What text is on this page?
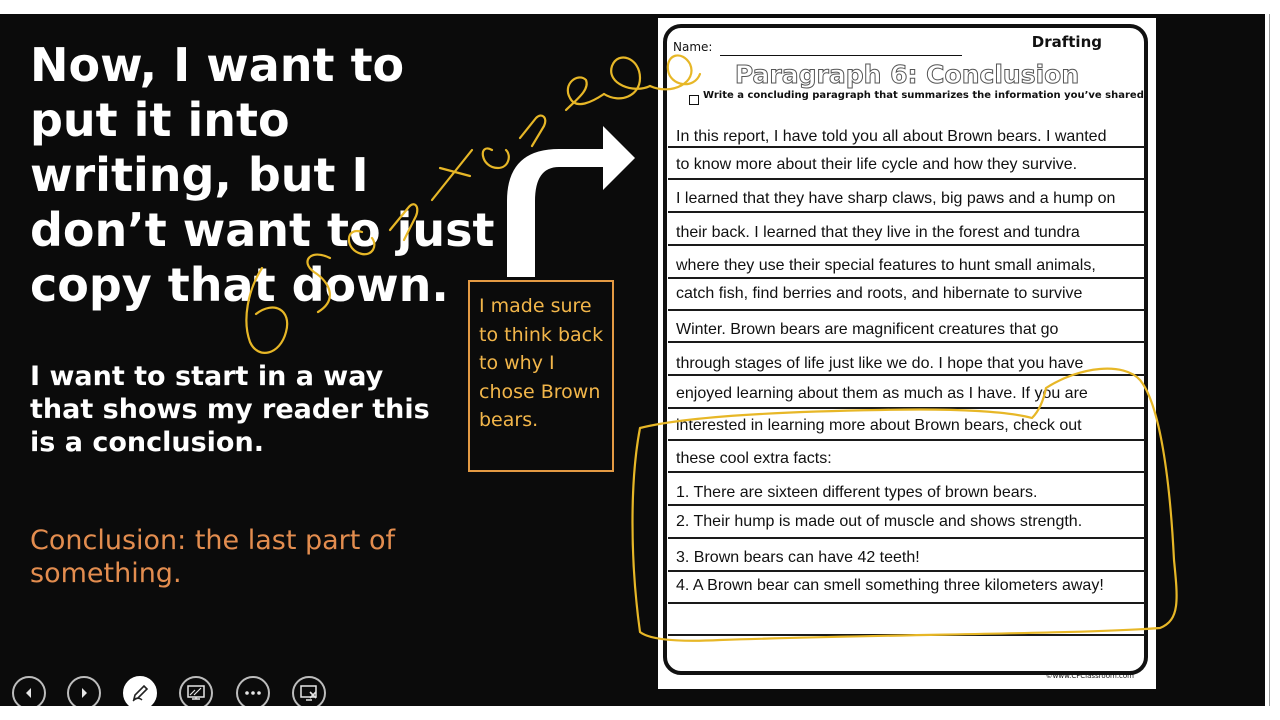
Now, I want to put it into writing, but I don’t want to just copy that down.
I want to start in a way that shows my reader this is a conclusion.
Conclusion: the last part of something.
I made sure to think back to why I chose Brown bears.
Name:	Drafting
Paragraph 6: Conclusion
Write a concluding paragraph that summarizes the information you’ve shared.
In this report, I have told you all about Brown bears. I wanted
to know more about their life cycle and how they survive.
I learned that they have sharp claws, big paws and a hump on
their back. I learned that they live in the forest and tundra
where they use their special features to hunt small animals,
catch fish, find berries and roots, and hibernate to survive
Winter. Brown bears are magnificent creatures that go
through stages of life just like we do. I hope that you have
enjoyed learning about them as much as I have. If you are
interested in learning more about Brown bears, check out
these cool extra facts:
1. There are sixteen different types of brown bears.
2. Their hump is made out of muscle and shows strength.
3. Brown bears can have 42 teeth!
4. A Brown bear can smell something three kilometers away!
©www.CFClassroom.com
